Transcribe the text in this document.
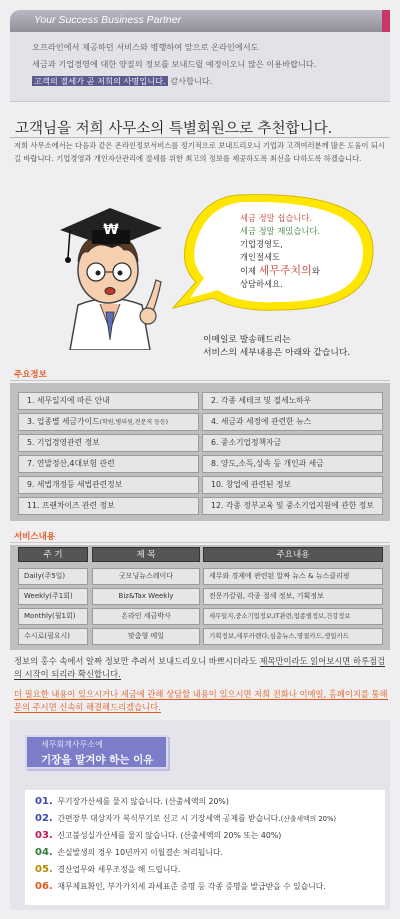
Your Success Business Partner

오프라인에서 제공하던 서비스와 병행하여 앞으로 온라인에서도

세금과 기업경영에 대한 양질의 정보를 보내드릴 예정이오니 많은 이용바랍니다.

고객의 절세가 곧 저희의 사명입니다. 감사합니다.

고객님을 저희 사무소의 특별회원으로 추천합니다.
저희 사무소에서는 다음과 같은 온라인정보서비스를 정기적으로 보내드리오니 기업과 고객여러분께 많은 도움이 되시길 바랍니다. 기업경영과 개인자산관리에 절세를 위한 최고의 정보를 제공하도록 최선을 다하도록 하겠습니다.
₩
세금 정말 쉽습니다.
세금 정말 재밌습니다.
기업경영도,
개인절세도
이제 세무주치의와
상담하세요.
이메일로 발송해드리는
서비스의 세부내용은 아래와 같습니다.
주요정보
1. 세무일지에 따른 안내	2. 각종 세테크 및 절세노하우
3. 업종별 세금가이드(학원,병의원,전문직 등등)	4. 세금과 세정에 관련한 뉴스
5. 기업경영관련 정보	6. 중소기업정책자금
7. 연말정산,4대보험 관련	8. 양도,소득,상속 등 개인과 세금
9. 세법개정등 세법관련정보	10. 창업에 관련된 정보
11. 프랜차이즈 관련 정보	12. 각종 정부교육 및 중소기업지원에 관한 정보
서비스내용
주 기	제 목	주요내용
Daily(주5일)	굿모닝뉴스레이다	세무와 경제에 관련된 알짜 뉴스 & 뉴스클리핑
Weekly(주1회)	Biz&Tax Weekly	전문가칼럼, 각종 절세 정보, 기획정보
Monthly(월1회)	온라인 세금박사	세무일지,중소기업정보,IT관련,업종별정보,건강정보
수시로(필요시)	맞춤형 메일	기획정보,세무카렌다,심층뉴스,명절카드,생일카드
정보의 홍수 속에서 알짜 정보만 추려서 보내드리오니 바쁘시더라도 제목만이라도 읽어보시면 하루점검의 시작이 되리라 확신합니다.
더 필요한 내용이 있으시거나 세금에 관해 상담할 내용이 있으시면 저희 전화나 이메일, 홈페이지를 통해 문의 주시면 신속히 해결해드리겠습니다.
세무회계사무소에
기장을 맡겨야 하는 이유
01. 무기장가산세를 물지 않습니다. (산출세액의 20%)
02. 간편장부 대상자가 복식부기로 신고 시 기장세액 공제를 받습니다.(산출세액의 20%)
03. 신고불성실가산세를 물지 않습니다. (산출세액의 20% 또는 40%)
04. 손실발생의 경우 10년까지 이월결손 처리됩니다.
05. 결산업무와 세무조정을 해 드립니다.
06. 재무제표확인, 부가가치세 과세표준 증명 등 각종 증명을 발급받을 수 있습니다.
